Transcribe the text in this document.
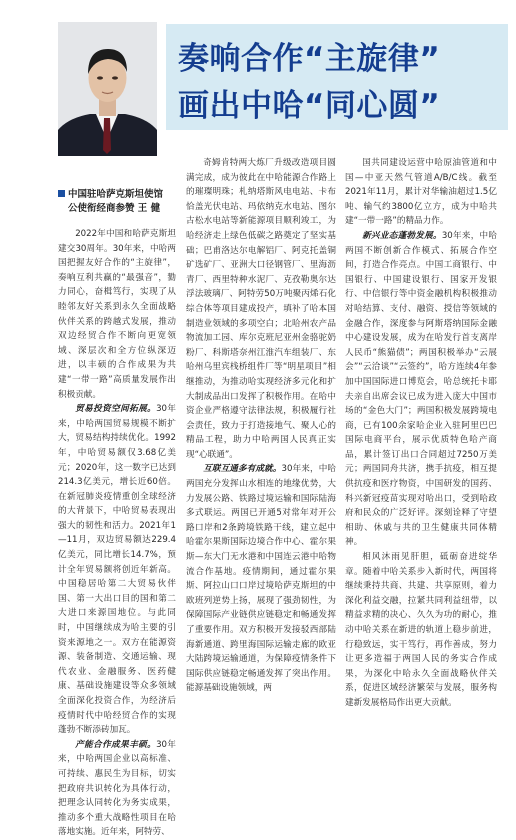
奏响合作“主旋律”
画出中哈“同心圆”
中国驻哈萨克斯坦使馆
公使衔经商参赞 王 健

2022年中国和哈萨克斯坦建交30周年。30年来，中哈两国把握友好合作的“主旋律”，奏响互利共赢的“最强音”，勠力同心，奋楫笃行，实现了从睦邻友好关系到永久全面战略伙伴关系的跨越式发展，推动双边经贸合作不断向更宽领域、深层次和全方位纵深迈进，以丰硕的合作成果为共建“一带一路”高质量发展作出积极贡献。

贸易投资空间拓展。30年来，中哈两国贸易规模不断扩大，贸易结构持续优化。1992年，中哈贸易额仅3.68亿美元；2020年，这一数字已达到214.3亿美元，增长近60倍。在新冠肺炎疫情重创全球经济的大背景下，中哈贸易表现出强大的韧性和活力。2021年1—11月，双边贸易额达229.4亿美元，同比增长14.7%，预计全年贸易额将创近年新高。中国稳居哈第二大贸易伙伴国、第一大出口目的国和第二大进口来源国地位。与此同时，中国继续成为哈主要的引资来源地之一。双方在能源资源、装备制造、交通运输、现代农业、金融服务、医药健康、基础设施建设等众多领域全面深化投资合作，为经济后疫情时代中哈经贸合作的实现蓬勃不断添砖加瓦。

产能合作成果丰硕。30年来，中哈两国企业以高标准、可持续、惠民生为目标，切实把政府共识转化为具体行动，把理念认同转化为务实成果，推动多个重大战略性项目在哈落地实施。近年来，阿特劳、

奇姆肯特两大炼厂升级改造项目圆满完成，成为彼此在中哈能源合作路上的璀璨明珠；札纳塔斯风电电站、卡布恰盖光伏电站、玛依纳克水电站、图尔古松水电站等新能源项目顺利竣工，为哈经济走上绿色低碳之路奠定了坚实基础；巴甫洛达尔电解铝厂、阿克托盖铜矿选矿厂、亚洲大口径钢管厂、里海沥青厂、西里特种水泥厂、克孜勒奥尔达浮法玻璃厂、阿特劳50万吨聚丙烯石化综合体等项目建成投产，填补了哈本国制造业领域的多项空白；北哈州农产品物流加工园、库尔克班尼亚州金骆驼奶粉厂、科斯塔奈州江淮汽车组装厂、东哈州乌里宾栈桥组件厂等“明星项目”相继推动，为推动哈实现经济多元化和扩大制成品出口发挥了积极作用。在哈中资企业严格遵守法律法规，积极履行社会责任，致力于打造接地气、聚人心的精品工程，助力中哈两国人民真正实现“心联通”。

互联互通多有成就。30年来，中哈两国充分发挥山水相连的地缘优势，大力发展公路、铁路过境运输和国际陆海多式联运。两国已开通5对常年对开公路口岸和2条跨境铁路干线，建立起中哈霍尔果斯国际边境合作中心、霍尔果斯—东大门无水港和中国连云港中哈物流合作基地。疫情期间，通过霍尔果斯、阿拉山口口岸过境哈萨克斯坦的中欧班列逆势上扬，展现了强劲韧性，为保障国际产业链供应链稳定和畅通发挥了重要作用。双方积极开发接驳西部陆海新通道、跨里海国际运输走廊的欧亚大陆跨境运输通道，为保障疫情条件下国际供应链稳定畅通发挥了突出作用。能源基础设施领域，两

国共同建设运营中哈原油管道和中国—中亚天然气管道A/B/C线。截至2021年11月，累计对华输油超过1.5亿吨、输气约3800亿立方，成为中哈共建“一带一路”的精品力作。

新兴业态蓬勃发展。30年来，中哈两国不断创新合作模式、拓展合作空间，打造合作亮点。中国工商银行、中国银行、中国建设银行、国家开发银行、中信银行等中资金融机构积极推动对哈结算、支付、融资、授信等领域的金融合作，深度参与阿斯塔纳国际金融中心建设发展，成为在哈发行首支离岸人民币“熊猫债”；两国积极举办“云展会”“云洽谈”“云签约”，哈方连续4年参加中国国际进口博览会，哈总统托卡耶夫亲自出席会议已成为进入庞大中国市场的“金色大门”；两国积极发展跨境电商，已有100余家哈企业入驻阿里巴巴国际电商平台，展示优质特色哈产商品，累计签订出口合同超过7250万美元；两国同舟共济，携手抗疫，相互提供抗疫和医疗物资，中国研发的国药、科兴新冠疫苗实现对哈出口，受到哈政府和民众的广泛好评。深刻诠释了守望相助、休戚与共的卫生健康共同体精神。

相风沐雨见肝胆，砥砺奋进绽华章。随着中哈关系步入新时代，两国将继续秉持共商、共建、共享原则，着力深化利益交融，拉紧共同利益纽带，以精益求精的决心、久久为功的耐心，推动中哈关系在新进的轨道上稳步前进，行稳致远，实干笃行，再作善成，努力让更多造福于两国人民的务实合作成果，为深化中哈永久全面战略伙伴关系，促进区域经济繁荣与发展，服务构建新发展格局作出更大贡献。
